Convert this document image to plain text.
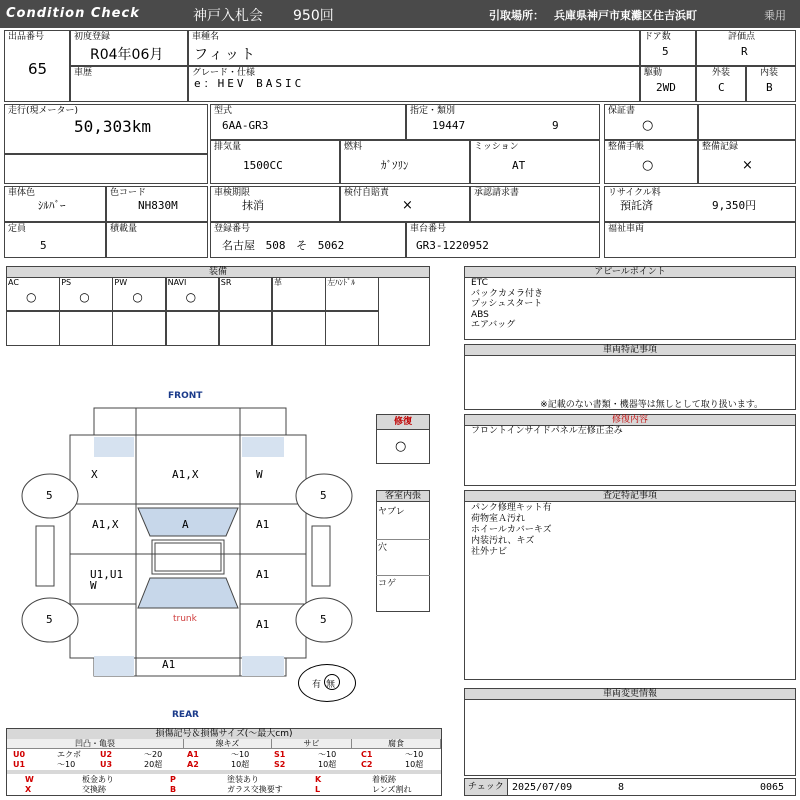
Condition Check	神戸入札会 950回	引取場所： 兵庫県神戸市東灘区住吉浜町	乗用
出品番号
65
初度登録
R04年06月
車歴
車種名
フィット
グレード・仕様
e：HEV BASIC
ドア数
5
駆動
2WD
評価点
R
外装
C
内装
B
走行(現メーター)
50,303km
型式
6AA-GR3
指定・類別
19447	9
排気量
1500CC
燃料
ｶﾞｿﾘﾝ
ミッション
AT
保証書
○
整備手帳
○
整備記録
×
車体色
ｼﾙﾊﾞｰ
色コード
NH830M
車検期限
抹消
検付自賠責
×
承認請求書	リサイクル料
預託済	9,350円
定員
5
積載量	登録番号
名古屋 508 そ 5062
車台番号
GR3-1220952
福祉車両
装備	アピールポイント
ETC
バックカメラ付き
プッシュスタート
ABS
エアバッグ
車両特記事項
※記載のない書類・機器等は無しとして取り扱います。
修復内容
フロントインサイドパネル左修正歪み
査定特記事項
パンク修理キット有
荷物室Ａ汚れ
ホイールカバーキズ
内装汚れ、キズ
社外ナビ
車両変更情報
チェック 2025/07/09	8	0065
FRONT
REAR
5	5
5	5
X	A1,X	W
A1,X	A	A1
U1,U1
W
A1
A1
A1
trunk
有 無
修復
○
客室内張
損傷記号＆損傷サイズ(〜最大cm)
AC
○
PS
○
PW
○
NAVI
○
SR	革	左ﾊﾝﾄﾞﾙ
ヤブレ
穴
コゲ
凹凸・亀裂	線キズ	サビ	腐食
U0	エクボ U2	〜20	A1	〜10	S1	〜10	C1	〜10
U1	〜10	U3	20超	A2	10超	S2	10超	C2	10超
W	板金あり	P	塗装あり	K	着板跡
X	交換跡	B	ガラス交換要す	L	レンズ割れ
